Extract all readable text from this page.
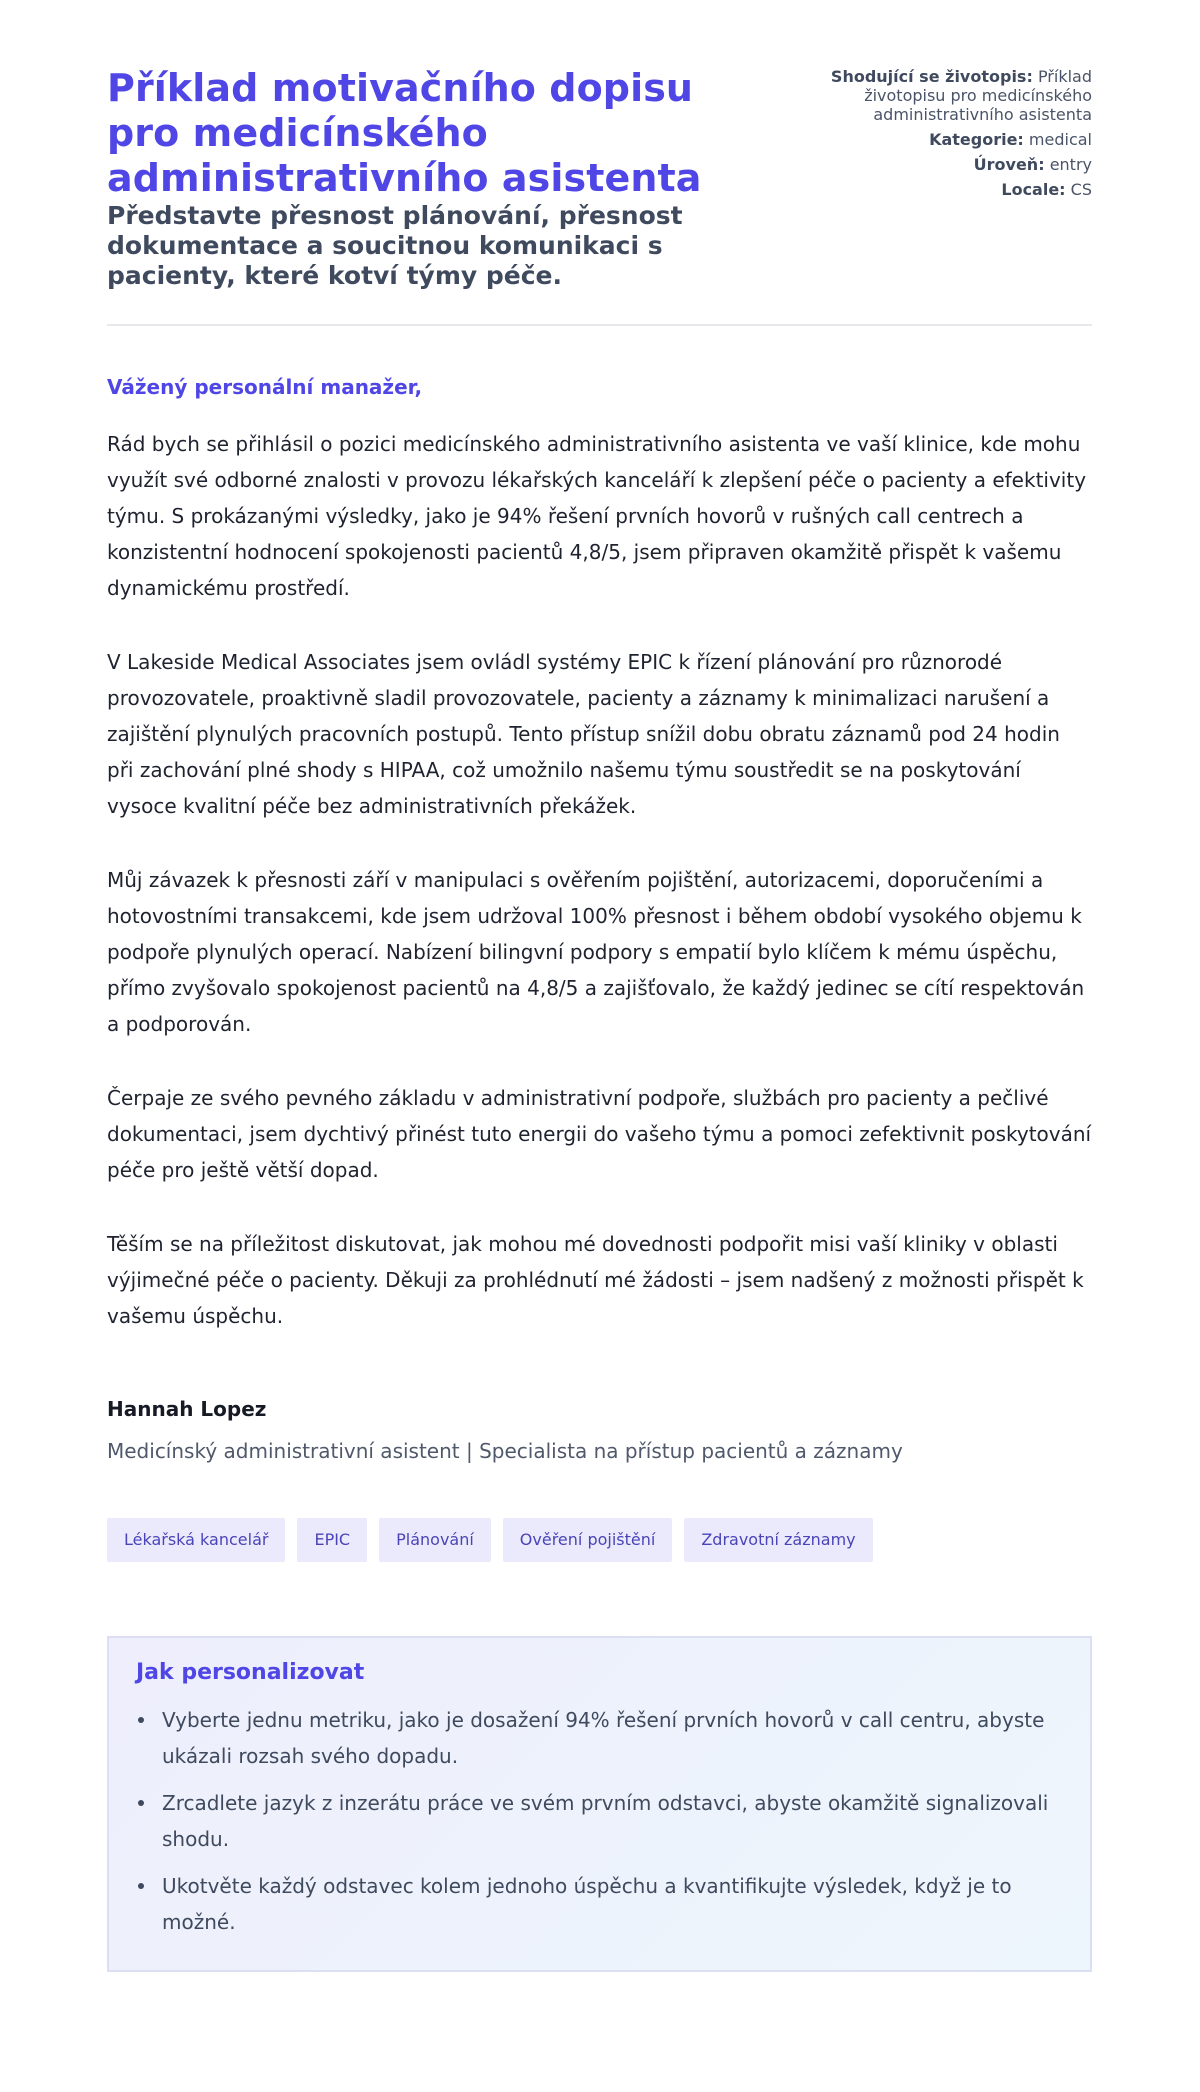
Příklad motivačního dopisu pro medicínského administrativního asistenta
Představte přesnost plánování, přesnost dokumentace a soucitnou komunikaci s pacienty, které kotví týmy péče.
Shodující se životopis: Příklad životopisu pro medicínského administrativního asistenta
Kategorie: medical
Úroveň: entry
Locale: CS

Vážený personální manažer,

Rád bych se přihlásil o pozici medicínského administrativního asistenta ve vaší klinice, kde mohu využít své odborné znalosti v provozu lékařských kanceláří k zlepšení péče o pacienty a efektivity týmu. S prokázanými výsledky, jako je 94% řešení prvních hovorů v rušných call centrech a konzistentní hodnocení spokojenosti pacientů 4,8/5, jsem připraven okamžitě přispět k vašemu dynamickému prostředí.

V Lakeside Medical Associates jsem ovládl systémy EPIC k řízení plánování pro různorodé provozovatele, proaktivně sladil provozovatele, pacienty a záznamy k minimalizaci narušení a zajištění plynulých pracovních postupů. Tento přístup snížil dobu obratu záznamů pod 24 hodin při zachování plné shody s HIPAA, což umožnilo našemu týmu soustředit se na poskytování vysoce kvalitní péče bez administrativních překážek.

Můj závazek k přesnosti září v manipulaci s ověřením pojištění, autorizacemi, doporučeními a hotovostními transakcemi, kde jsem udržoval 100% přesnost i během období vysokého objemu k podpoře plynulých operací. Nabízení bilingvní podpory s empatií bylo klíčem k mému úspěchu, přímo zvyšovalo spokojenost pacientů na 4,8/5 a zajišťovalo, že každý jedinec se cítí respektován a podporován.

Čerpaje ze svého pevného základu v administrativní podpoře, službách pro pacienty a pečlivé dokumentaci, jsem dychtivý přinést tuto energii do vašeho týmu a pomoci zefektivnit poskytování péče pro ještě větší dopad.

Těším se na příležitost diskutovat, jak mohou mé dovednosti podpořit misi vaší kliniky v oblasti výjimečné péče o pacienty. Děkuji za prohlédnutí mé žádosti – jsem nadšený z možnosti přispět k vašemu úspěchu.

Hannah Lopez
Medicínský administrativní asistent | Specialista na přístup pacientů a záznamy
Lékařská kancelář	EPIC	Plánování	Ověření pojištění	Zdravotní záznamy
Jak personalizovat
Vyberte jednu metriku, jako je dosažení 94% řešení prvních hovorů v call centru, abyste ukázali rozsah svého dopadu.
Zrcadlete jazyk z inzerátu práce ve svém prvním odstavci, abyste okamžitě signalizovali shodu.
Ukotvěte každý odstavec kolem jednoho úspěchu a kvantifikujte výsledek, když je to možné.
